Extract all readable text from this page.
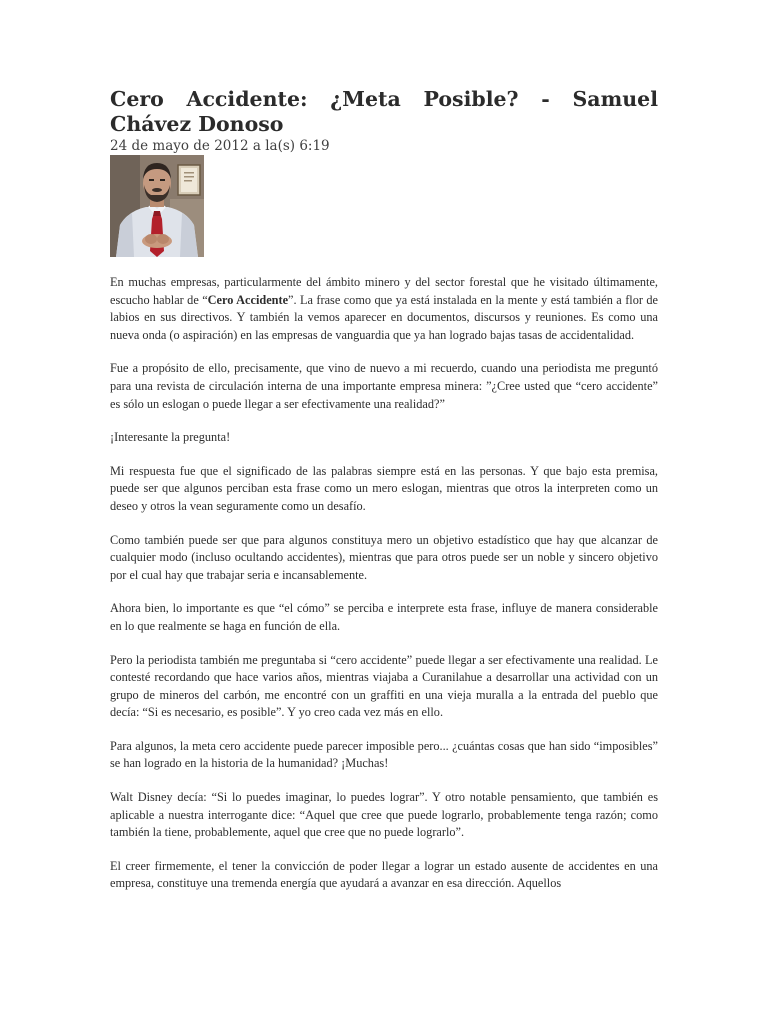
Cero Accidente: ¿Meta Posible? - Samuel Chávez Donoso
24 de mayo de 2012 a la(s) 6:19

En muchas empresas, particularmente del ámbito minero y del sector forestal que he visitado últimamente, escucho hablar de “Cero Accidente”. La frase como que ya está instalada en la mente y está también a flor de labios en sus directivos. Y también la vemos aparecer en documentos, discursos y reuniones. Es como una nueva onda (o aspiración) en las empresas de vanguardia que ya han logrado bajas tasas de accidentalidad.

Fue a propósito de ello, precisamente, que vino de nuevo a mi recuerdo, cuando una periodista me preguntó para una revista de circulación interna de una importante empresa minera: ”¿Cree usted que “cero accidente” es sólo un eslogan o puede llegar a ser efectivamente una realidad?”

¡Interesante la pregunta!

Mi respuesta fue que el significado de las palabras siempre está en las personas. Y que bajo esta premisa, puede ser que algunos perciban esta frase como un mero eslogan, mientras que otros la interpreten como un deseo y otros la vean seguramente como un desafío.

Como también puede ser que para algunos constituya mero un objetivo estadístico que hay que alcanzar de cualquier modo (incluso ocultando accidentes), mientras que para otros puede ser un noble y sincero objetivo por el cual hay que trabajar seria e incansablemente.

Ahora bien, lo importante es que “el cómo” se perciba e interprete esta frase, influye de manera considerable en lo que realmente se haga en función de ella.

Pero la periodista también me preguntaba si “cero accidente” puede llegar a ser efectivamente una realidad. Le contesté recordando que hace varios años, mientras viajaba a Curanilahue a desarrollar una actividad con un grupo de mineros del carbón, me encontré con un graffiti en una vieja muralla a la entrada del pueblo que decía: “Si es necesario, es posible”. Y yo creo cada vez más en ello.

Para algunos, la meta cero accidente puede parecer imposible pero... ¿cuántas cosas que han sido “imposibles” se han logrado en la historia de la humanidad? ¡Muchas!

Walt Disney decía: “Si lo puedes imaginar, lo puedes lograr”. Y otro notable pensamiento, que también es aplicable a nuestra interrogante dice: “Aquel que cree que puede lograrlo, probablemente tenga razón; como también la tiene, probablemente, aquel que cree que no puede lograrlo”.

El creer firmemente, el tener la convicción de poder llegar a lograr un estado ausente de accidentes en una empresa, constituye una tremenda energía que ayudará a avanzar en esa dirección. Aquellos
